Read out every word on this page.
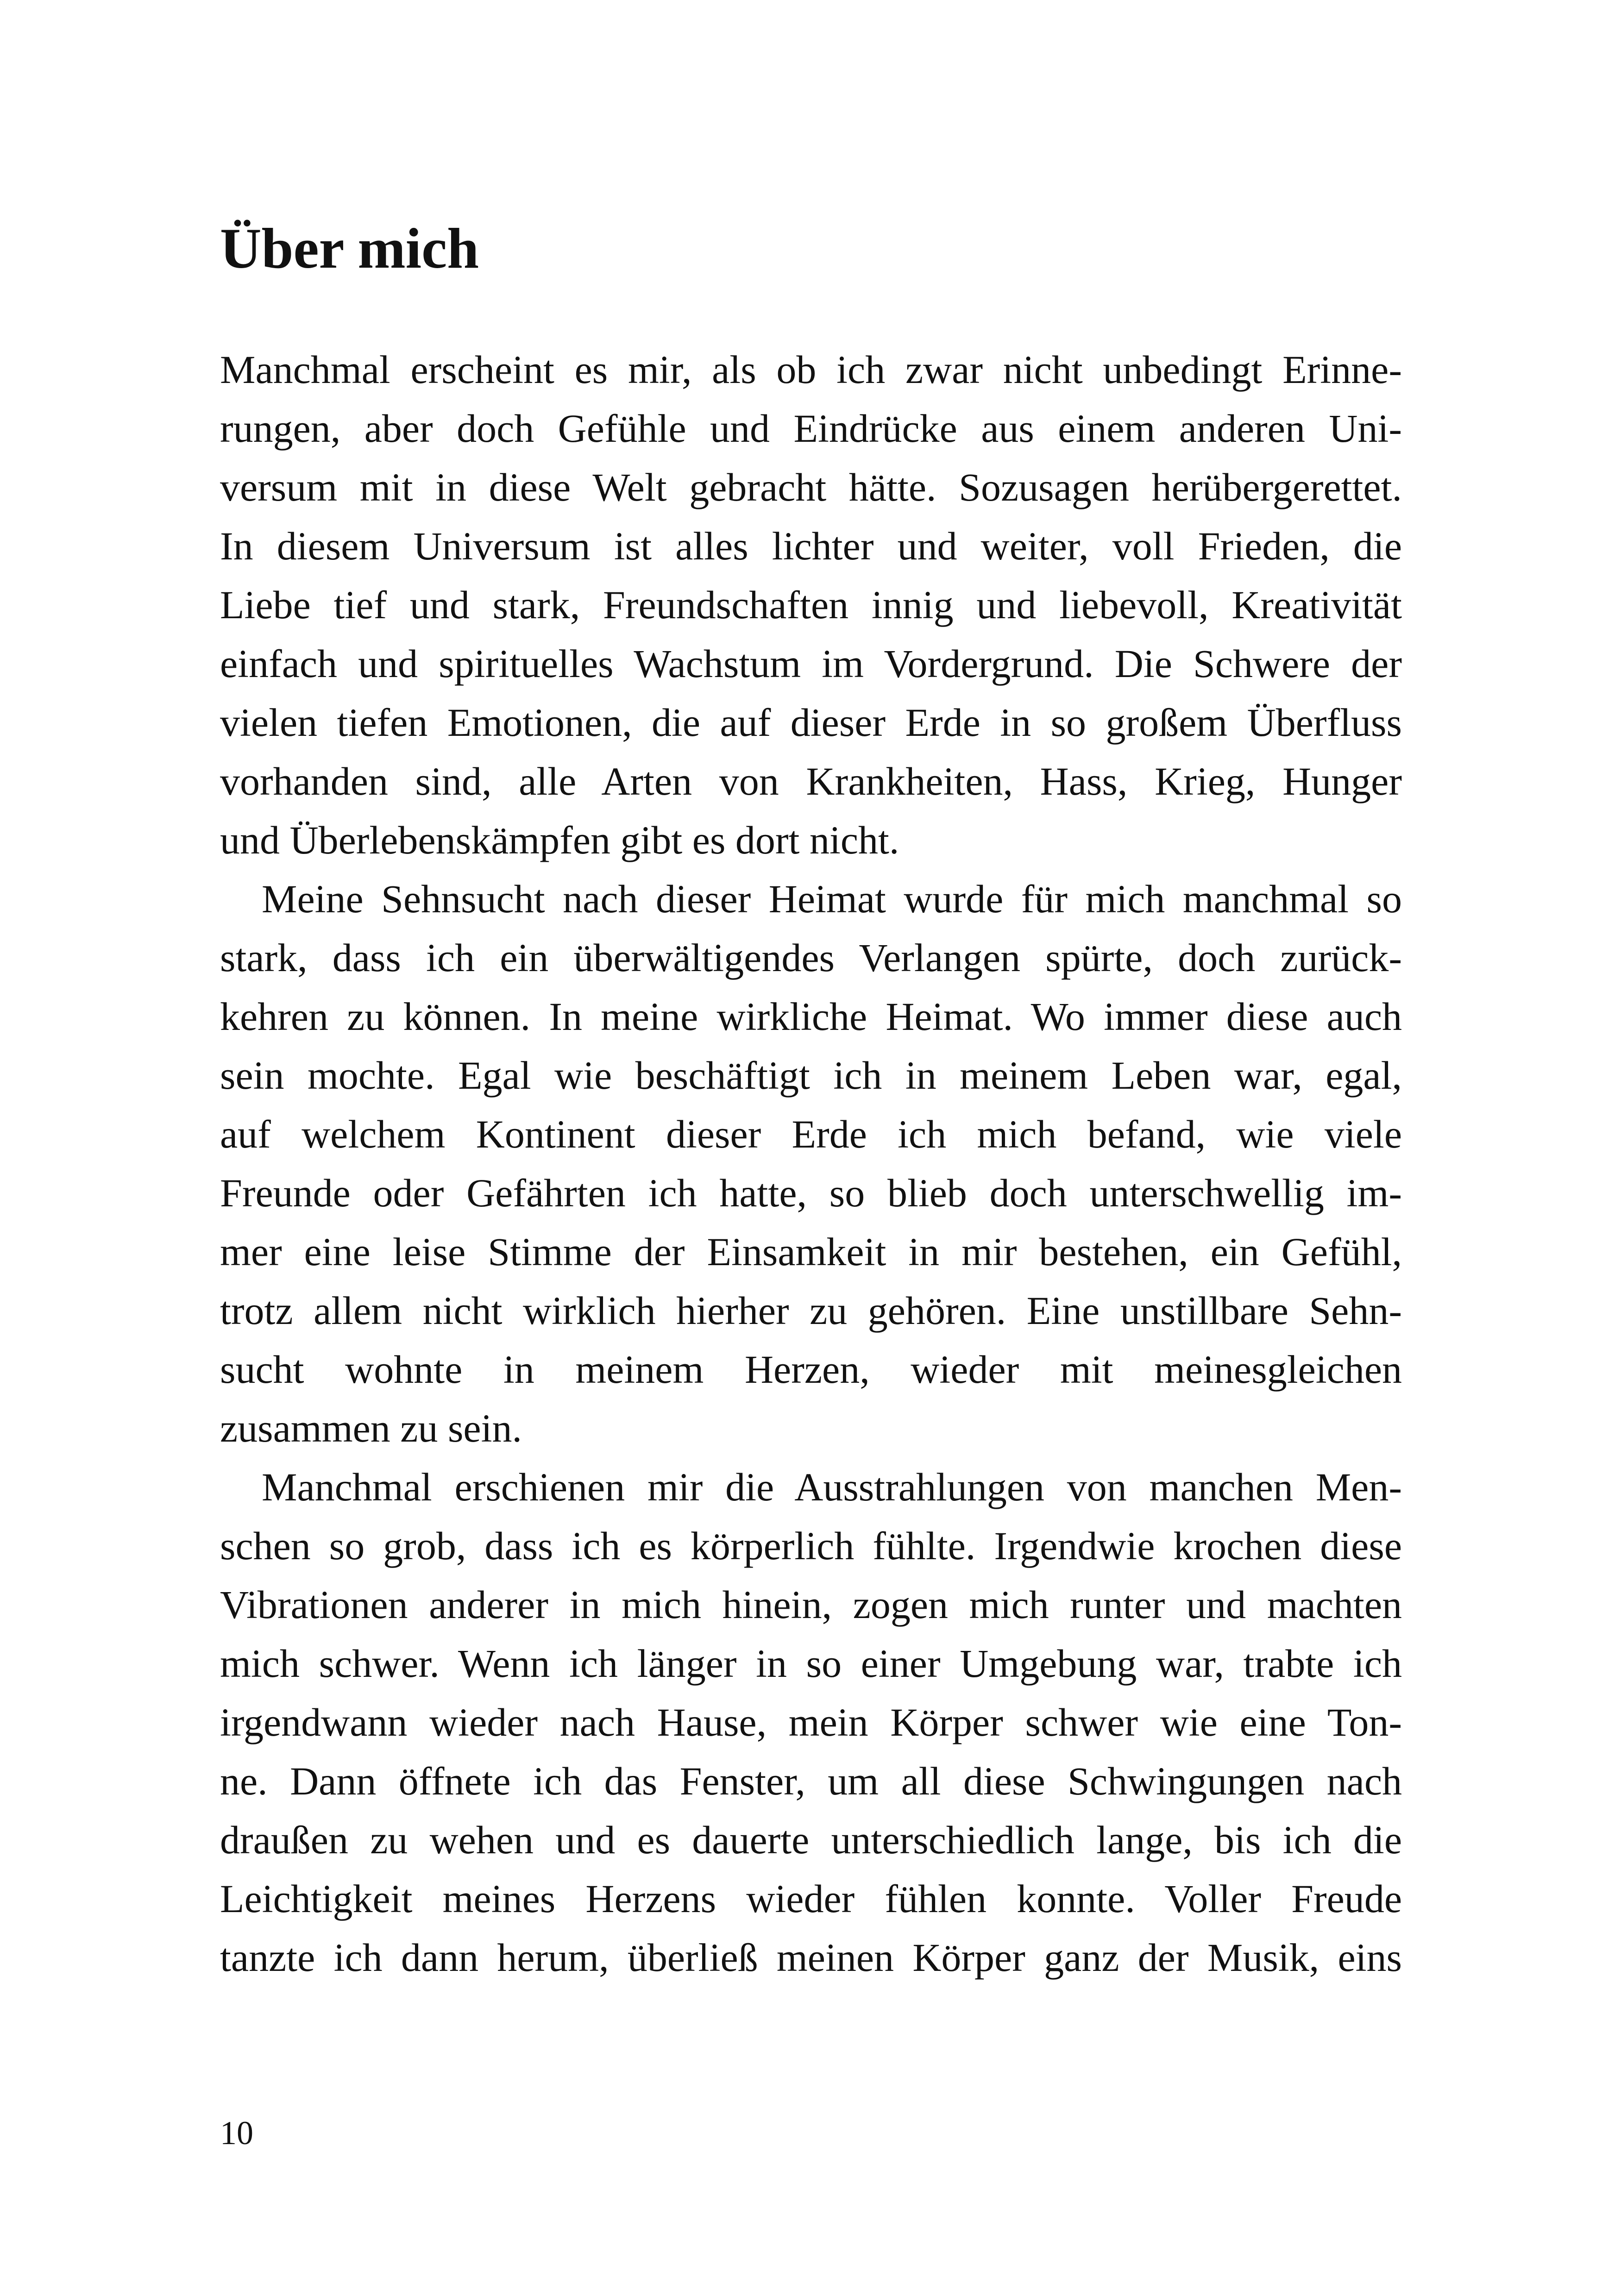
Über mich
Manchmal erscheint es mir, als ob ich zwar nicht unbedingt Erinne-
rungen, aber doch Gefühle und Eindrücke aus einem anderen Uni-
versum mit in diese Welt gebracht hätte. Sozusagen herübergerettet.
In diesem Universum ist alles lichter und weiter, voll Frieden, die
Liebe tief und stark, Freundschaften innig und liebevoll, Kreativität
einfach und spirituelles Wachstum im Vordergrund. Die Schwere der
vielen tiefen Emotionen, die auf dieser Erde in so großem Überfluss
vorhanden sind, alle Arten von Krankheiten, Hass, Krieg, Hunger
und Überlebenskämpfen gibt es dort nicht.
Meine Sehnsucht nach dieser Heimat wurde für mich manchmal so
stark, dass ich ein überwältigendes Verlangen spürte, doch zurück-
kehren zu können. In meine wirkliche Heimat. Wo immer diese auch
sein mochte. Egal wie beschäftigt ich in meinem Leben war, egal,
auf welchem Kontinent dieser Erde ich mich befand, wie viele
Freunde oder Gefährten ich hatte, so blieb doch unterschwellig im-
mer eine leise Stimme der Einsamkeit in mir bestehen, ein Gefühl,
trotz allem nicht wirklich hierher zu gehören. Eine unstillbare Sehn-
sucht wohnte in meinem Herzen, wieder mit meinesgleichen
zusammen zu sein.
Manchmal erschienen mir die Ausstrahlungen von manchen Men-
schen so grob, dass ich es körperlich fühlte. Irgendwie krochen diese
Vibrationen anderer in mich hinein, zogen mich runter und machten
mich schwer. Wenn ich länger in so einer Umgebung war, trabte ich
irgendwann wieder nach Hause, mein Körper schwer wie eine Ton-
ne. Dann öffnete ich das Fenster, um all diese Schwingungen nach
draußen zu wehen und es dauerte unterschiedlich lange, bis ich die
Leichtigkeit meines Herzens wieder fühlen konnte. Voller Freude
tanzte ich dann herum, überließ meinen Körper ganz der Musik, eins
10
